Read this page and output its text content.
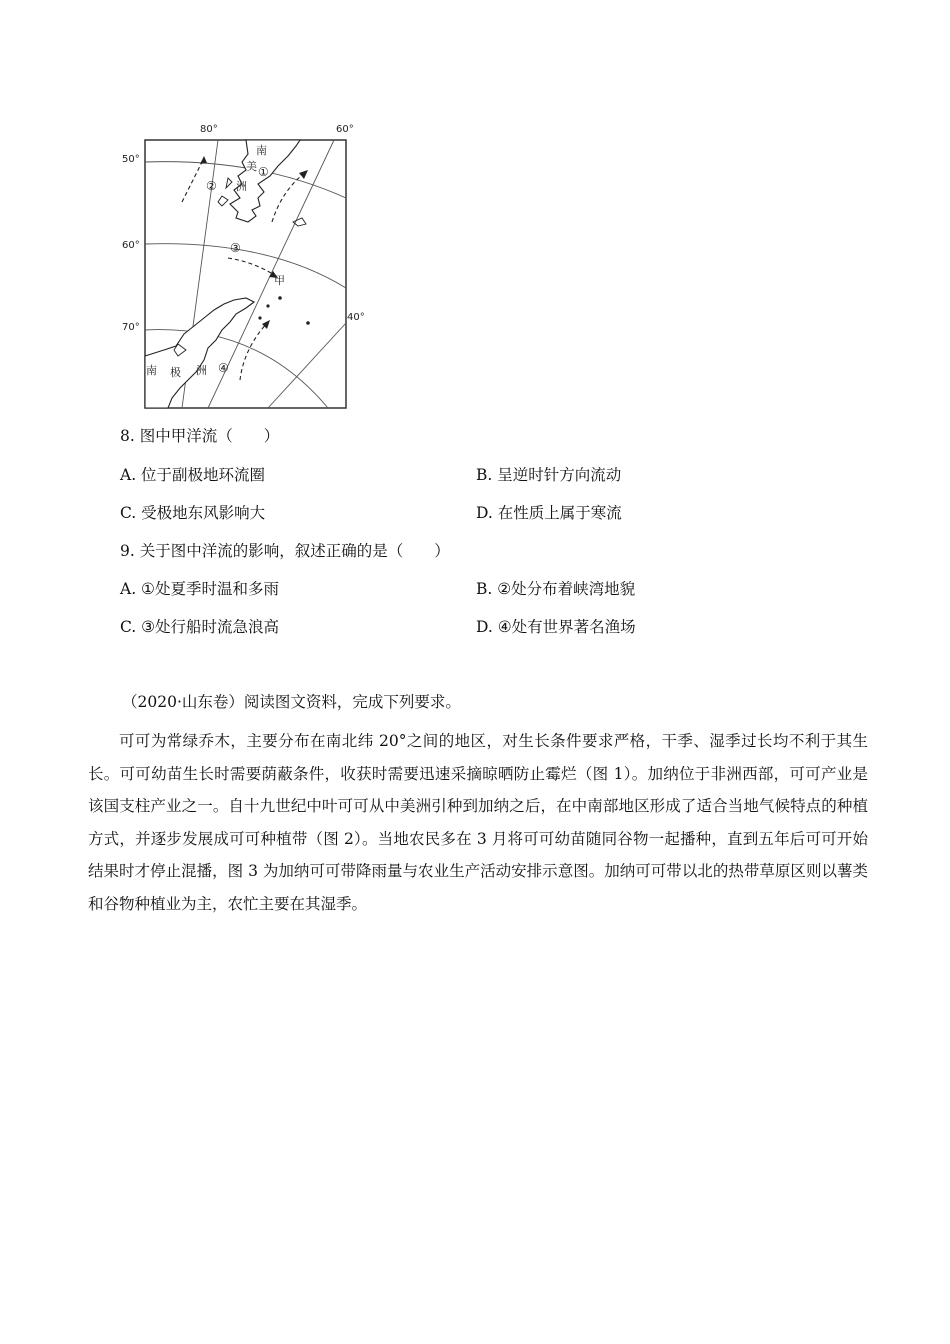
80°	60°
40°
50°
60°
70°
南
美
洲
南 极 洲
①
②
③
④
甲
8. 图中甲洋流（　　）
A. 位于副极地环流圈	B. 呈逆时针方向流动
C. 受极地东风影响大	D. 在性质上属于寒流
9. 关于图中洋流的影响，叙述正确的是（　　）
A. ①处夏季时温和多雨	B. ②处分布着峡湾地貌
C. ③处行船时流急浪高	D. ④处有世界著名渔场
（2020·山东卷）阅读图文资料，完成下列要求。
可可为常绿乔木，主要分布在南北纬 20°之间的地区，对生长条件要求严格，干季、湿季过长均不利于其生长。可可幼苗生长时需要荫蔽条件，收获时需要迅速采摘晾晒防止霉烂（图 1）。加纳位于非洲西部，可可产业是该国支柱产业之一。自十九世纪中叶可可从中美洲引种到加纳之后，在中南部地区形成了适合当地气候特点的种植方式，并逐步发展成可可种植带（图 2）。当地农民多在 3 月将可可幼苗随同谷物一起播种，直到五年后可可开始结果时才停止混播，图 3 为加纳可可带降雨量与农业生产活动安排示意图。加纳可可带以北的热带草原区则以薯类和谷物种植业为主，农忙主要在其湿季。
